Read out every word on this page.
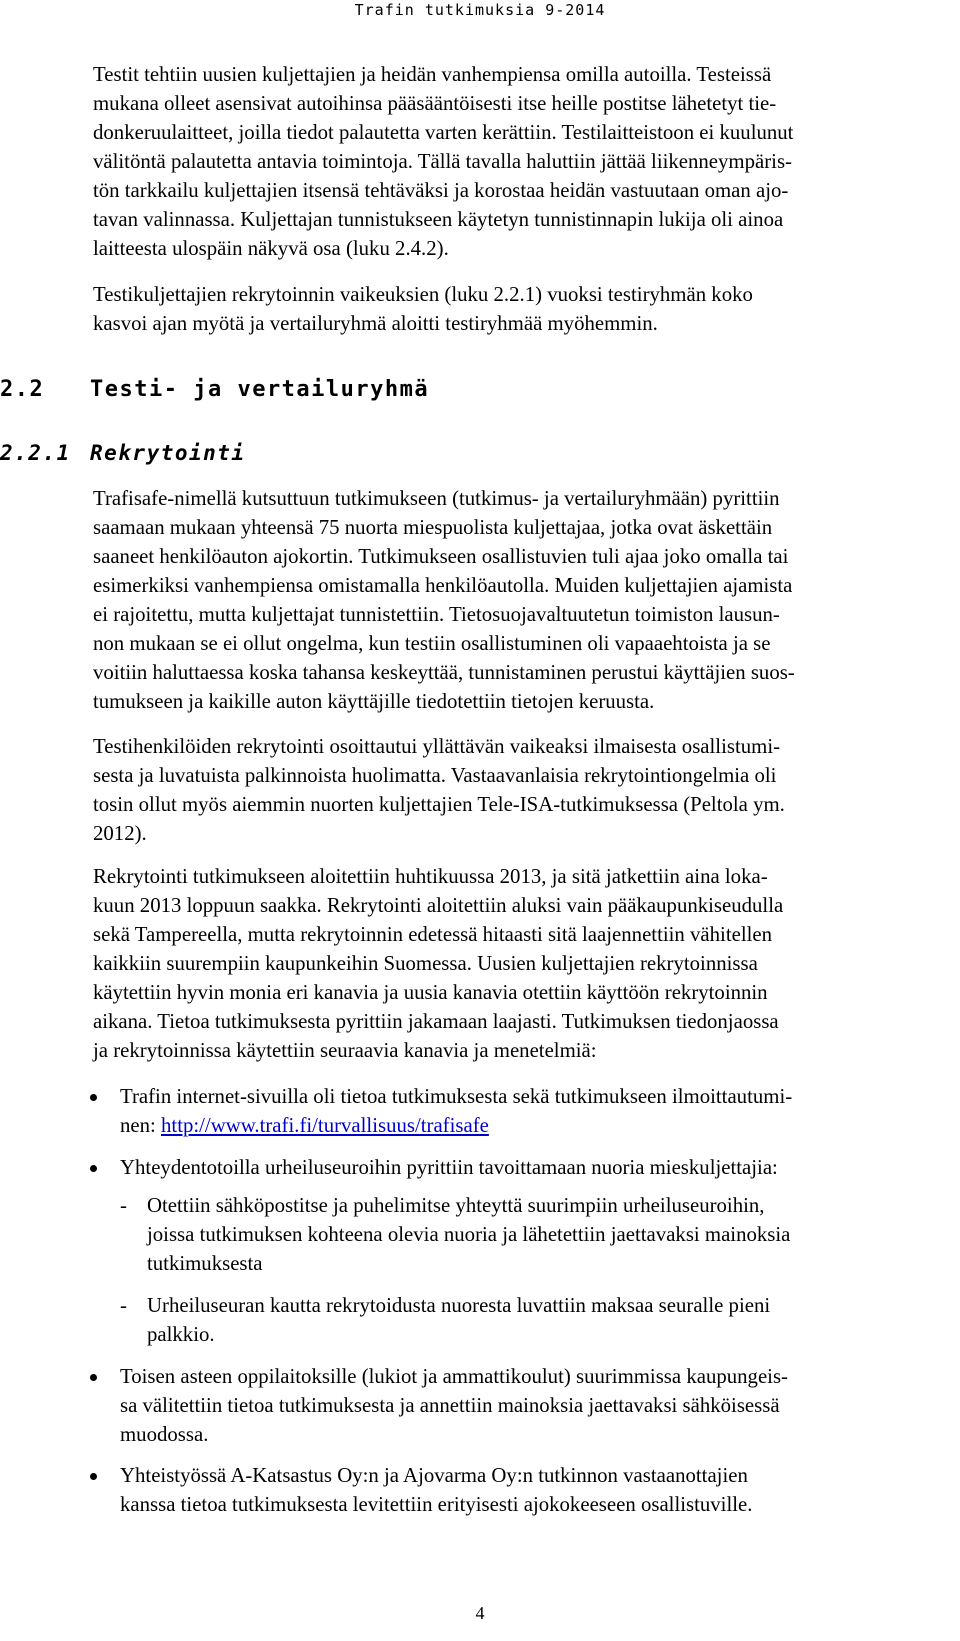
Trafin tutkimuksia 9-2014
Testit tehtiin uusien kuljettajien ja heidän vanhempiensa omilla autoilla. Testeissä
mukana olleet asensivat autoihinsa pääsääntöisesti itse heille postitse lähetetyt tie-
donkeruulaitteet, joilla tiedot palautetta varten kerättiin. Testilaitteistoon ei kuulunut
välitöntä palautetta antavia toimintoja. Tällä tavalla haluttiin jättää liikenneympäris-
tön tarkkailu kuljettajien itsensä tehtäväksi ja korostaa heidän vastuutaan oman ajo-
tavan valinnassa. Kuljettajan tunnistukseen käytetyn tunnistinnapin lukija oli ainoa
laitteesta ulospäin näkyvä osa (luku 2.4.2).
Testikuljettajien rekrytoinnin vaikeuksien (luku 2.2.1) vuoksi testiryhmän koko
kasvoi ajan myötä ja vertailuryhmä aloitti testiryhmää myöhemmin.
2.2 Testi- ja vertailuryhmä
2.2.1 Rekrytointi
Trafisafe-nimellä kutsuttuun tutkimukseen (tutkimus- ja vertailuryhmään) pyrittiin
saamaan mukaan yhteensä 75 nuorta miespuolista kuljettajaa, jotka ovat äskettäin
saaneet henkilöauton ajokortin. Tutkimukseen osallistuvien tuli ajaa joko omalla tai
esimerkiksi vanhempiensa omistamalla henkilöautolla. Muiden kuljettajien ajamista
ei rajoitettu, mutta kuljettajat tunnistettiin. Tietosuojavaltuutetun toimiston lausun-
non mukaan se ei ollut ongelma, kun testiin osallistuminen oli vapaaehtoista ja se
voitiin haluttaessa koska tahansa keskeyttää, tunnistaminen perustui käyttäjien suos-
tumukseen ja kaikille auton käyttäjille tiedotettiin tietojen keruusta.
Testihenkilöiden rekrytointi osoittautui yllättävän vaikeaksi ilmaisesta osallistumi-
sesta ja luvatuista palkinnoista huolimatta. Vastaavanlaisia rekrytointiongelmia oli
tosin ollut myös aiemmin nuorten kuljettajien Tele-ISA-tutkimuksessa (Peltola ym.
2012).
Rekrytointi tutkimukseen aloitettiin huhtikuussa 2013, ja sitä jatkettiin aina loka-
kuun 2013 loppuun saakka. Rekrytointi aloitettiin aluksi vain pääkaupunkiseudulla
sekä Tampereella, mutta rekrytoinnin edetessä hitaasti sitä laajennettiin vähitellen
kaikkiin suurempiin kaupunkeihin Suomessa. Uusien kuljettajien rekrytoinnissa
käytettiin hyvin monia eri kanavia ja uusia kanavia otettiin käyttöön rekrytoinnin
aikana. Tietoa tutkimuksesta pyrittiin jakamaan laajasti. Tutkimuksen tiedonjaossa
ja rekrytoinnissa käytettiin seuraavia kanavia ja menetelmiä:
Trafin internet-sivuilla oli tietoa tutkimuksesta sekä tutkimukseen ilmoittautumi-
nen: http://www.trafi.fi/turvallisuus/trafisafe
Yhteydentotoilla urheiluseuroihin pyrittiin tavoittamaan nuoria mieskuljettajia:
- Otettiin sähköpostitse ja puhelimitse yhteyttä suurimpiin urheiluseuroihin,
joissa tutkimuksen kohteena olevia nuoria ja lähetettiin jaettavaksi mainoksia
tutkimuksesta
- Urheiluseuran kautta rekrytoidusta nuoresta luvattiin maksaa seuralle pieni
palkkio.
Toisen asteen oppilaitoksille (lukiot ja ammattikoulut) suurimmissa kaupungeis-
sa välitettiin tietoa tutkimuksesta ja annettiin mainoksia jaettavaksi sähköisessä
muodossa.
Yhteistyössä A-Katsastus Oy:n ja Ajovarma Oy:n tutkinnon vastaanottajien
kanssa tietoa tutkimuksesta levitettiin erityisesti ajokokeeseen osallistuville.
4
